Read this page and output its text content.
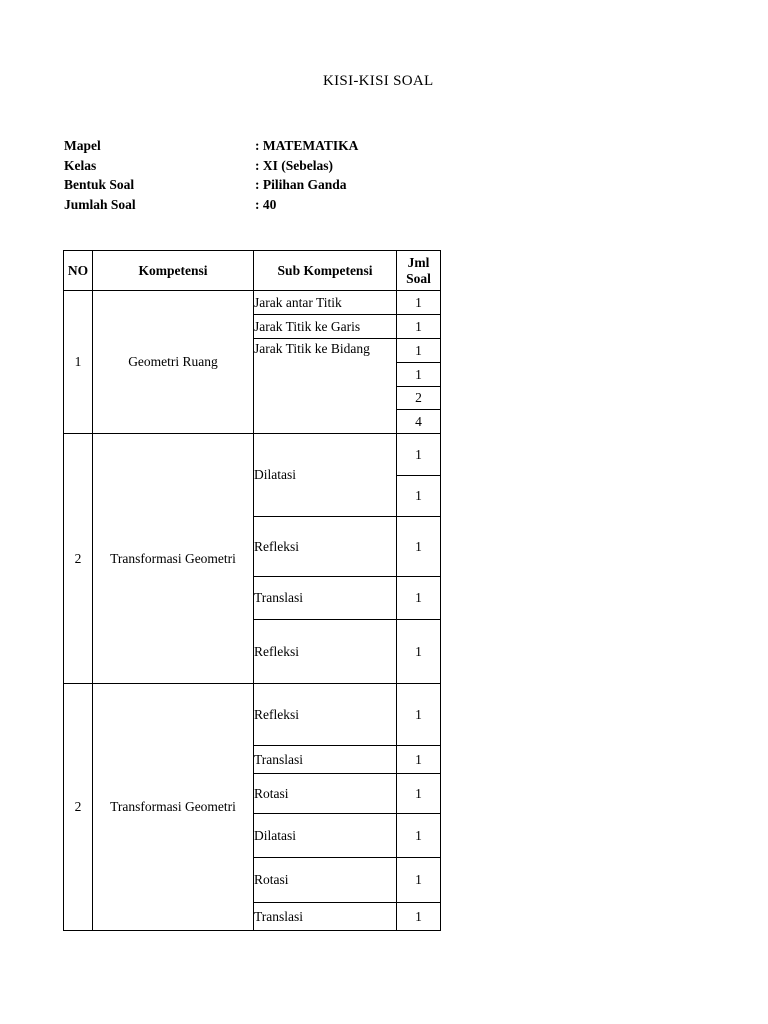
KISI-KISI SOAL
Mapel	: MATEMATIKA
Kelas	: XI (Sebelas)
Bentuk Soal	: Pilihan Ganda
Jumlah Soal	: 40
NO	Kompetensi	Sub Kompetensi	Jml
Soal
1	Geometri Ruang	Jarak antar Titik	1
		Jarak Titik ke Garis	1
		Jarak Titik ke Bidang	1
			1
			2
			4
2	Transformasi Geometri	Dilatasi	1
			1
		Refleksi	1
		Translasi	1
		Refleksi	1

2	Transformasi Geometri	Refleksi	1
		Translasi	1
		Rotasi	1
		Dilatasi	1
		Rotasi	1
		Translasi	1
